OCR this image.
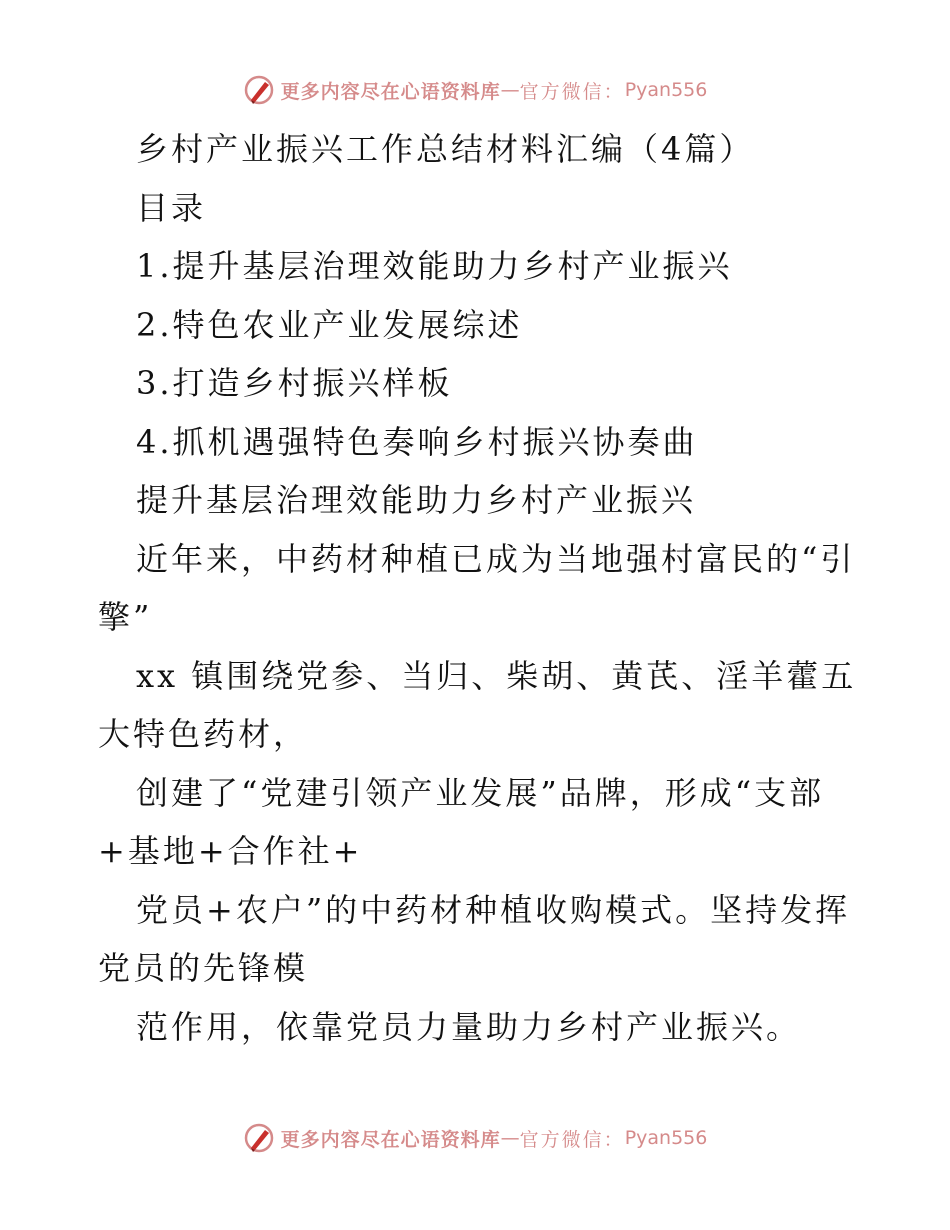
更多内容尽在心语资料库 — 官方微信： Pyan556

乡村产业振兴工作总结材料汇编（4篇）

目录

1.提升基层治理效能助力乡村产业振兴

2.特色农业产业发展综述

3.打造乡村振兴样板

4.抓机遇强特色奏响乡村振兴协奏曲

提升基层治理效能助力乡村产业振兴

近年来，中药材种植已成为当地强村富民的“引

擎”

xx 镇围绕党参、当归、柴胡、黄芪、淫羊藿五

大特色药材，

创建了“党建引领产业发展”品牌，形成“支部

+基地+合作社+

党员+农户”的中药材种植收购模式。坚持发挥

党员的先锋模

范作用，依靠党员力量助力乡村产业振兴。

更多内容尽在心语资料库 — 官方微信： Pyan556
